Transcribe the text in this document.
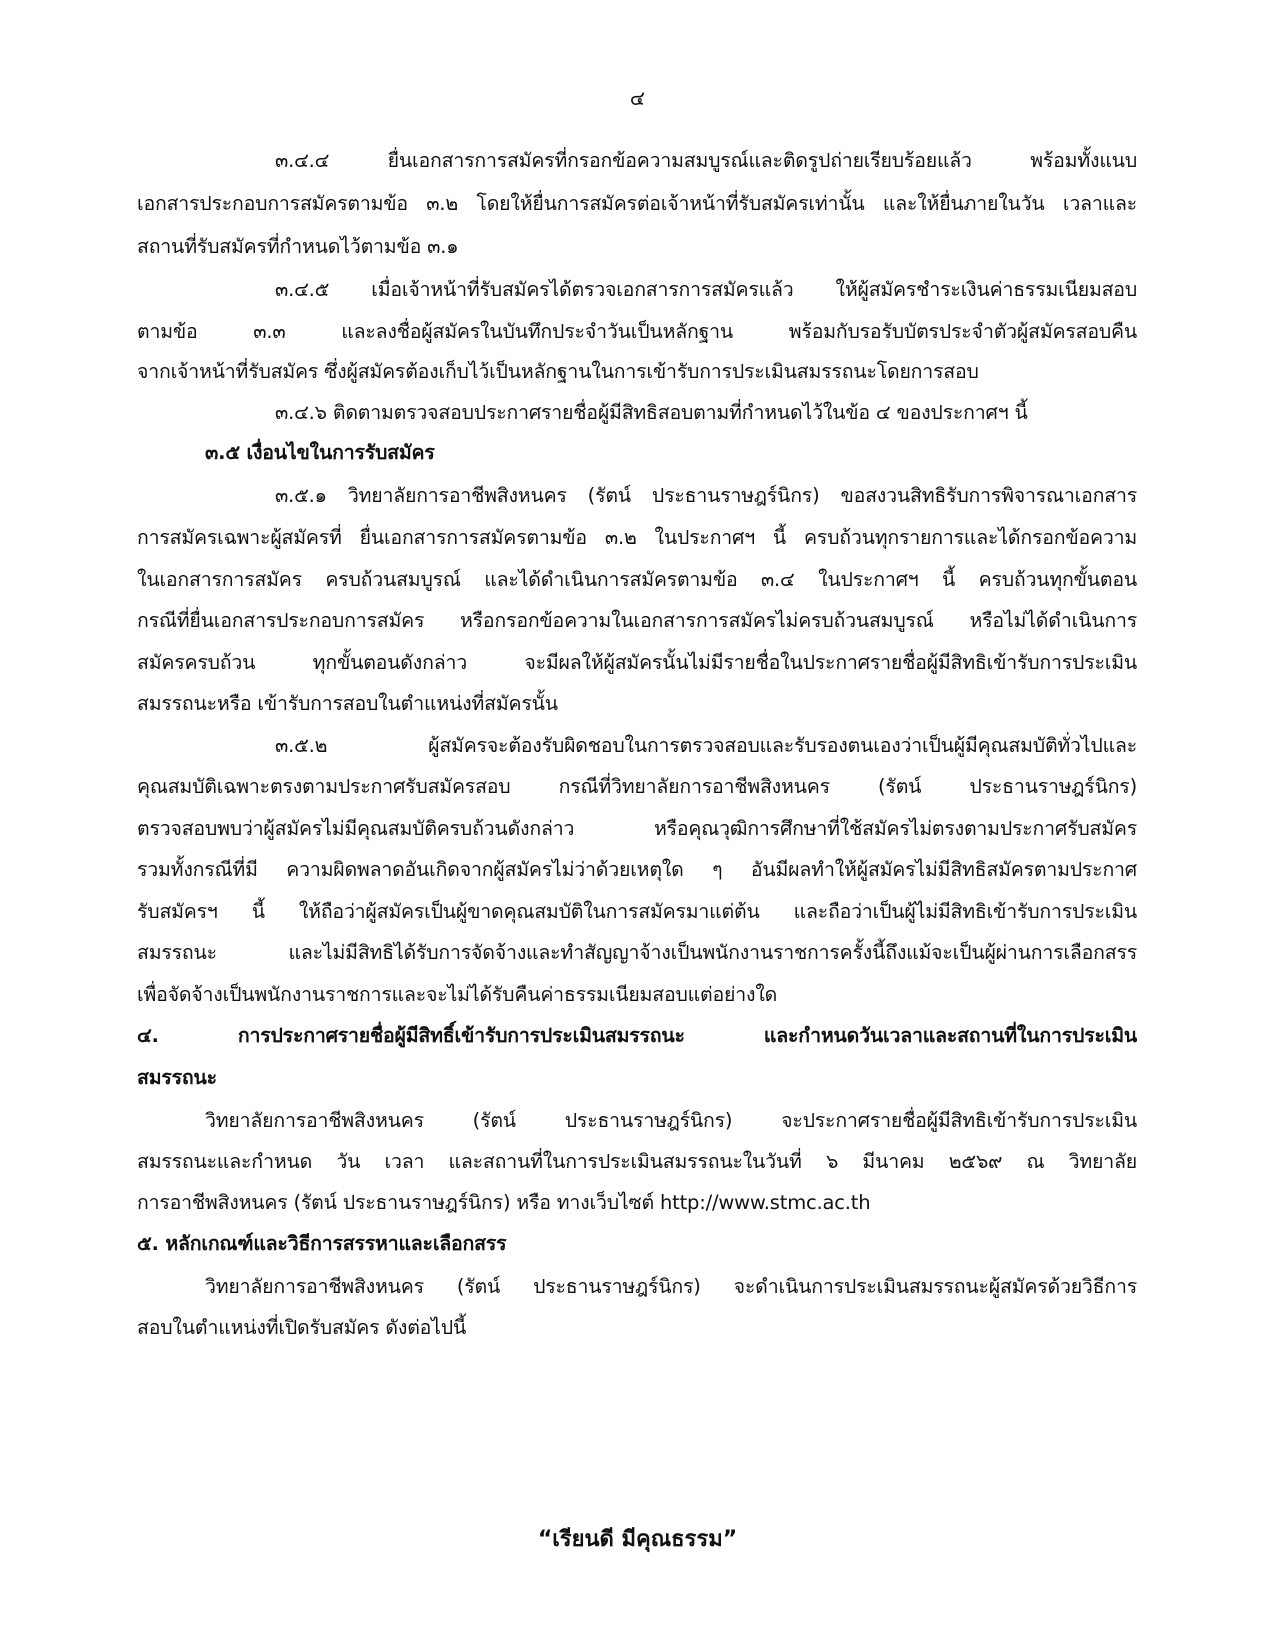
๔
๓.๔.๔ ยื่นเอกสารการสมัครที่กรอกข้อความสมบูรณ์และติดรูปถ่ายเรียบร้อยแล้ว พร้อมทั้งแนบ
เอกสารประกอบการสมัครตามข้อ ๓.๒ โดยให้ยื่นการสมัครต่อเจ้าหน้าที่รับสมัครเท่านั้น และให้ยื่นภายในวัน เวลาและ
สถานที่รับสมัครที่กำหนดไว้ตามข้อ ๓.๑
๓.๔.๕ เมื่อเจ้าหน้าที่รับสมัครได้ตรวจเอกสารการสมัครแล้ว ให้ผู้สมัครชำระเงินค่าธรรมเนียมสอบ
ตามข้อ ๓.๓ และลงชื่อผู้สมัครในบันทึกประจำวันเป็นหลักฐาน พร้อมกับรอรับบัตรประจำตัวผู้สมัครสอบคืน
จากเจ้าหน้าที่รับสมัคร ซึ่งผู้สมัครต้องเก็บไว้เป็นหลักฐานในการเข้ารับการประเมินสมรรถนะโดยการสอบ
๓.๔.๖ ติดตามตรวจสอบประกาศรายชื่อผู้มีสิทธิสอบตามที่กำหนดไว้ในข้อ ๔ ของประกาศฯ นี้
๓.๕ เงื่อนไขในการรับสมัคร
๓.๕.๑ วิทยาลัยการอาชีพสิงหนคร (รัตน์ ประธานราษฎร์นิกร) ขอสงวนสิทธิรับการพิจารณาเอกสาร
การสมัครเฉพาะผู้สมัครที่ ยื่นเอกสารการสมัครตามข้อ ๓.๒ ในประกาศฯ นี้ ครบถ้วนทุกรายการและได้กรอกข้อความ
ในเอกสารการสมัคร ครบถ้วนสมบูรณ์ และได้ดำเนินการสมัครตามข้อ ๓.๔ ในประกาศฯ นี้ ครบถ้วนทุกขั้นตอน
กรณีที่ยื่นเอกสารประกอบการสมัคร หรือกรอกข้อความในเอกสารการสมัครไม่ครบถ้วนสมบูรณ์ หรือไม่ได้ดำเนินการ
สมัครครบถ้วน ทุกขั้นตอนดังกล่าว จะมีผลให้ผู้สมัครนั้นไม่มีรายชื่อในประกาศรายชื่อผู้มีสิทธิเข้ารับการประเมิน
สมรรถนะหรือ เข้ารับการสอบในตำแหน่งที่สมัครนั้น
๓.๕.๒ ผู้สมัครจะต้องรับผิดชอบในการตรวจสอบและรับรองตนเองว่าเป็นผู้มีคุณสมบัติทั่วไปและ
คุณสมบัติเฉพาะตรงตามประกาศรับสมัครสอบ กรณีที่วิทยาลัยการอาชีพสิงหนคร (รัตน์ ประธานราษฎร์นิกร)
ตรวจสอบพบว่าผู้สมัครไม่มีคุณสมบัติครบถ้วนดังกล่าว หรือคุณวุฒิการศึกษาที่ใช้สมัครไม่ตรงตามประกาศรับสมัคร
รวมทั้งกรณีที่มี ความผิดพลาดอันเกิดจากผู้สมัครไม่ว่าด้วยเหตุใด ๆ อันมีผลทำให้ผู้สมัครไม่มีสิทธิสมัครตามประกาศ
รับสมัครฯ นี้ ให้ถือว่าผู้สมัครเป็นผู้ขาดคุณสมบัติในการสมัครมาแต่ต้น และถือว่าเป็นผู้ไม่มีสิทธิเข้ารับการประเมิน
สมรรถนะ และไม่มีสิทธิได้รับการจัดจ้างและทำสัญญาจ้างเป็นพนักงานราชการครั้งนี้ถึงแม้จะเป็นผู้ผ่านการเลือกสรร
เพื่อจัดจ้างเป็นพนักงานราชการและจะไม่ได้รับคืนค่าธรรมเนียมสอบแต่อย่างใด
๔. การประกาศรายชื่อผู้มีสิทธิ์เข้ารับการประเมินสมรรถนะ และกำหนดวันเวลาและสถานที่ในการประเมิน
สมรรถนะ
วิทยาลัยการอาชีพสิงหนคร (รัตน์ ประธานราษฎร์นิกร) จะประกาศรายชื่อผู้มีสิทธิเข้ารับการประเมิน
สมรรถนะและกำหนด วัน เวลา และสถานที่ในการประเมินสมรรถนะในวันที่ ๖ มีนาคม ๒๕๖๙ ณ วิทยาลัย
การอาชีพสิงหนคร (รัตน์ ประธานราษฎร์นิกร) หรือ ทางเว็บไซต์ http://www.stmc.ac.th
๕. หลักเกณฑ์และวิธีการสรรหาและเลือกสรร
วิทยาลัยการอาชีพสิงหนคร (รัตน์ ประธานราษฎร์นิกร) จะดำเนินการประเมินสมรรถนะผู้สมัครด้วยวิธีการ
สอบในตำแหน่งที่เปิดรับสมัคร ดังต่อไปนี้
“เรียนดี มีคุณธรรม”
